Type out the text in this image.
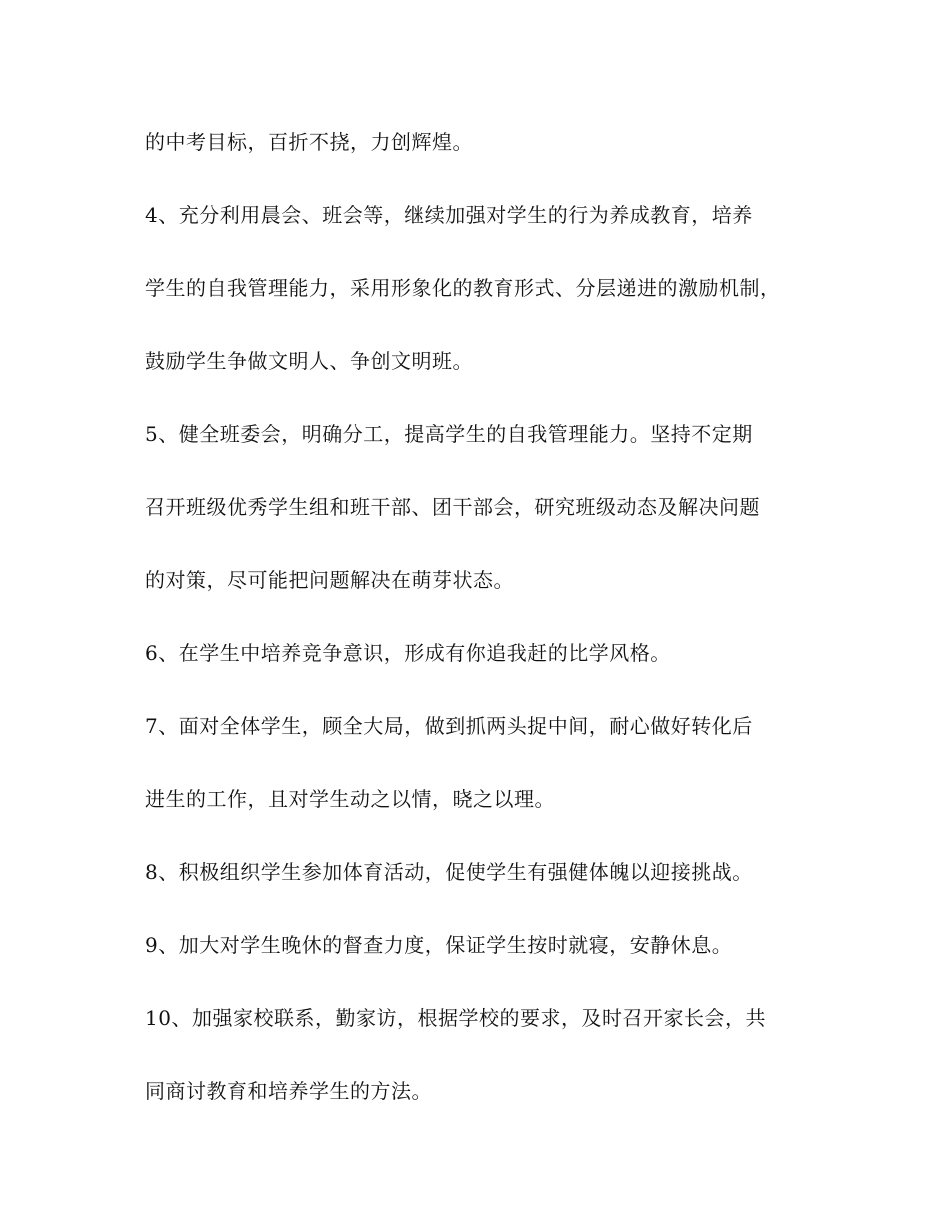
的中考目标，百折不挠，力创辉煌。
4、充分利用晨会、班会等，继续加强对学生的行为养成教育，培养
学生的自我管理能力，采用形象化的教育形式、分层递进的激励机制，
鼓励学生争做文明人、争创文明班。
5、健全班委会，明确分工，提高学生的自我管理能力。坚持不定期
召开班级优秀学生组和班干部、团干部会，研究班级动态及解决问题
的对策，尽可能把问题解决在萌芽状态。
6、在学生中培养竞争意识，形成有你追我赶的比学风格。
7、面对全体学生，顾全大局，做到抓两头捉中间，耐心做好转化后
进生的工作，且对学生动之以情，晓之以理。
8、积极组织学生参加体育活动，促使学生有强健体魄以迎接挑战。
9、加大对学生晚休的督查力度，保证学生按时就寝，安静休息。
10、加强家校联系，勤家访，根据学校的要求，及时召开家长会，共
同商讨教育和培养学生的方法。
